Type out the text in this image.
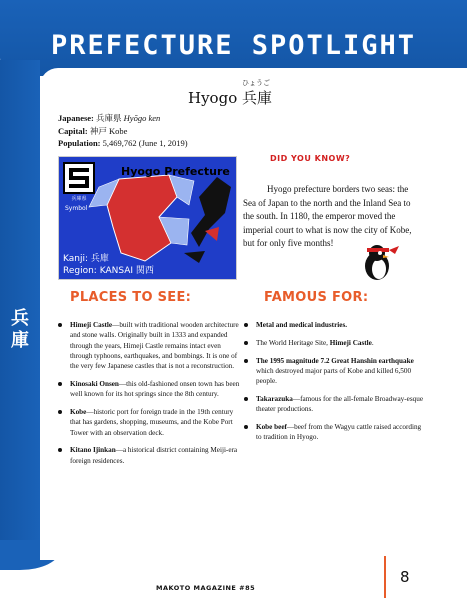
PREFECTURE SPOTLIGHT
兵庫
ひょうご
Hyogo 兵庫
Japanese: 兵庫県 Hyōgo ken
Capital: 神戸 Kobe
Population: 5,469,762 (June 1, 2019)
兵庫県
Symbol
Hyogo Prefecture
Kanji: 兵庫
Region: KANSAI 関西
DID YOU KNOW?
Hyogo prefecture borders two seas: the Sea of Japan to the north and the Inland Sea to the south. In 1180, the emperor moved the imperial court to what is now the city of Kobe, but for only five months!
PLACES TO SEE:	FAMOUS FOR:
Himeji Castle—built with traditional wooden architecture and stone walls. Originally built in 1333 and expanded through the years, Himeji Castle remains intact even through typhoons, earthquakes, and bombings. It is one of the very few Japanese castles that is not a reconstruction.
Kinosaki Onsen—this old-fashioned onsen town has been well known for its hot springs since the 8th century.
Kobe—historic port for foreign trade in the 19th century that has gardens, shopping, museums, and the Kobe Port Tower with an observation deck.
Kitano Ijinkan—a historical district containing Meiji-era foreign residences.
Metal and medical industries.
The World Heritage Site, Himeji Castle.
The 1995 magnitude 7.2 Great Hanshin earthquake which destroyed major parts of Kobe and killed 6,500 people.
Takarazuka—famous for the all-female Broadway-esque theater productions.
Kobe beef—beef from the Wagyu cattle raised according to tradition in Hyogo.
MAKOTO MAGAZINE #85
8
